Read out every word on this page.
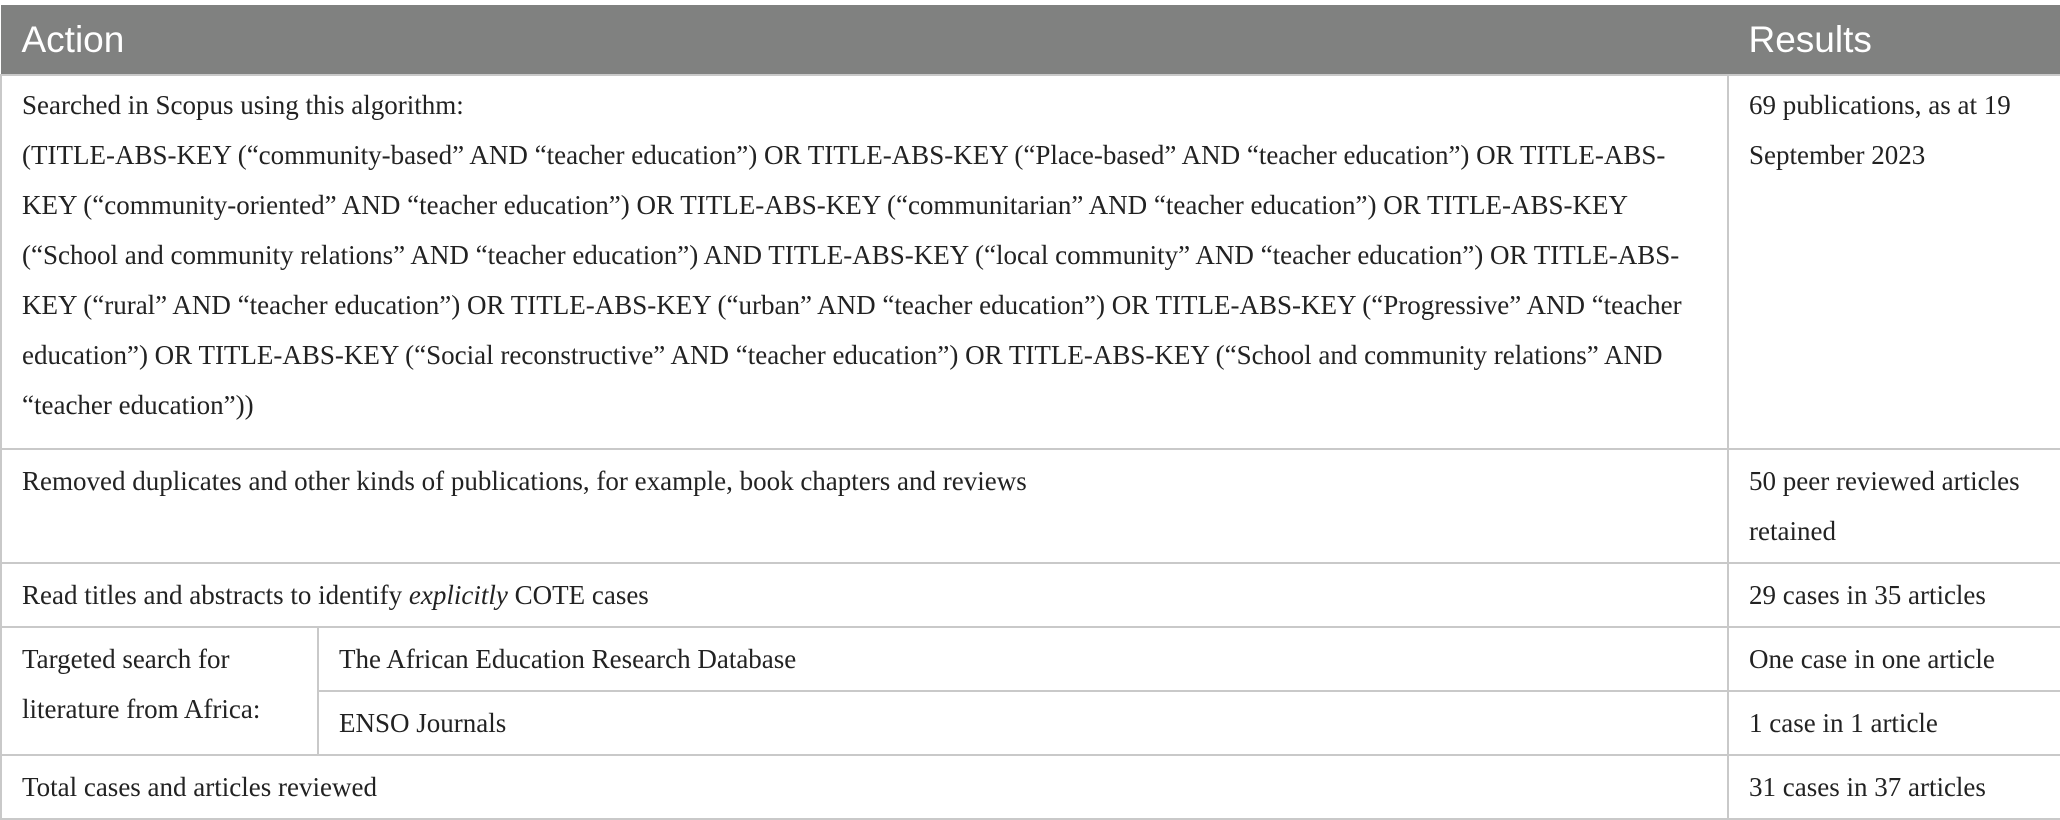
Action		Results

Searched in Scopus using this algorithm:
(TITLE-ABS-KEY (“community-based” AND “teacher education”) OR TITLE-ABS-KEY (“Place-based” AND “teacher education”) OR TITLE-ABS-KEY (“community-oriented” AND “teacher education”) OR TITLE-ABS-KEY (“communitarian” AND “teacher education”) OR TITLE-ABS-KEY (“School and community relations” AND “teacher education”) AND TITLE-ABS-KEY (“local community” AND “teacher education”) OR TITLE-ABS-KEY (“rural” AND “teacher education”) OR TITLE-ABS-KEY (“urban” AND “teacher education”) OR TITLE-ABS-KEY (“Progressive” AND “teacher education”) OR TITLE-ABS-KEY (“Social reconstructive” AND “teacher education”) OR TITLE-ABS-KEY (“School and community relations” AND “teacher education”))		69 publications, as at 19 September 2023
Removed duplicates and other kinds of publications, for example, book chapters and reviews		50 peer reviewed articles retained
Read titles and abstracts to identify explicitly COTE cases		29 cases in 35 articles
Targeted search for literature from Africa:	The African Education Research Database	One case in one article
	ENSO Journals	1 case in 1 article
Total cases and articles reviewed		31 cases in 37 articles
